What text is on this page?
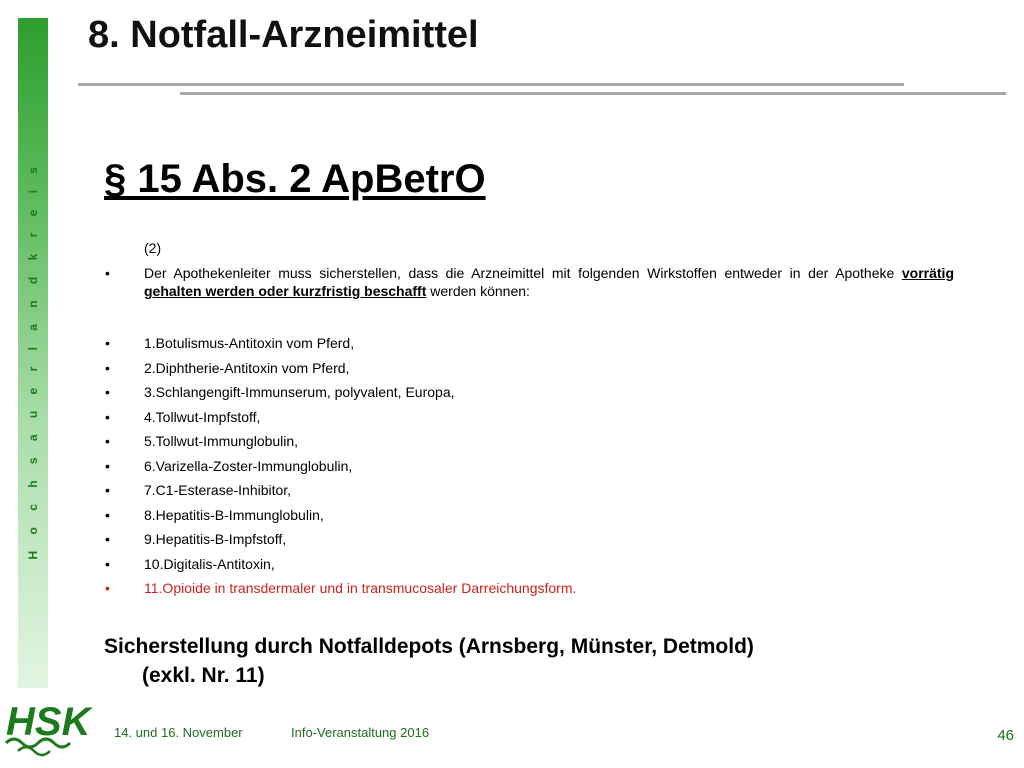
H o c h s a u e r l a n d k r e i s
8. Notfall-Arzneimittel
§ 15 Abs. 2 ApBetrO
(2)
• Der Apothekenleiter muss sicherstellen, dass die Arzneimittel mit folgenden Wirkstoffen entweder in der Apotheke vorrätig gehalten werden oder kurzfristig beschafft werden können:
• 1.Botulismus-Antitoxin vom Pferd,
• 2.Diphtherie-Antitoxin vom Pferd,
• 3.Schlangengift-Immunserum, polyvalent, Europa,
• 4.Tollwut-Impfstoff,
• 5.Tollwut-Immunglobulin,
• 6.Varizella-Zoster-Immunglobulin,
• 7.C1-Esterase-Inhibitor,
• 8.Hepatitis-B-Immunglobulin,
• 9.Hepatitis-B-Impfstoff,
• 10.Digitalis-Antitoxin,
• 11.Opioide in transdermaler und in transmucosaler Darreichungsform.
Sicherstellung durch Notfalldepots (Arnsberg, Münster, Detmold)
(exkl. Nr. 11)
HSK 14. und 16. November	Info-Veranstaltung 2016	46
